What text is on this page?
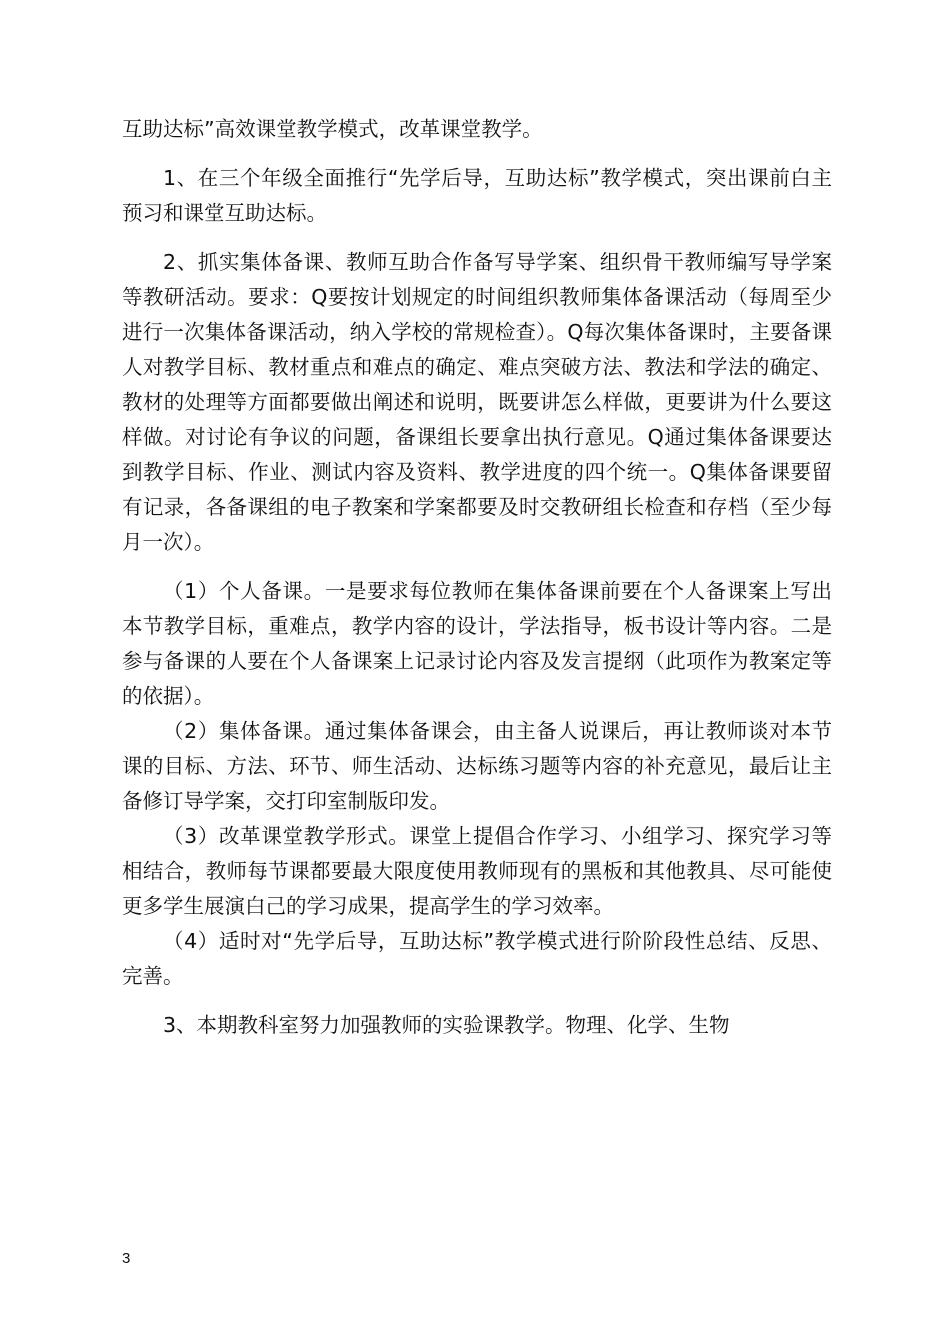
互助达标”高效课堂教学模式，改革课堂教学。

1、在三个年级全面推行“先学后导，互助达标”教学模式，突出课前白主预习和课堂互助达标。

2、抓实集体备课、教师互助合作备写导学案、组织骨干教师编写导学案等教研活动。要求：Q要按计划规定的时间组织教师集体备课活动（每周至少进行一次集体备课活动，纳入学校的常规检查）。Q每次集体备课时，主要备课人对教学目标、教材重点和难点的确定、难点突破方法、教法和学法的确定、教材的处理等方面都要做出阐述和说明，既要讲怎么样做，更要讲为什么要这样做。对讨论有争议的问题，备课组长要拿出执行意见。Q通过集体备课要达到教学目标、作业、测试内容及资料、教学进度的四个统一。Q集体备课要留有记录，各备课组的电子教案和学案都要及时交教研组长检查和存档（至少每月一次）。

（1）个人备课。一是要求每位教师在集体备课前要在个人备课案上写出本节教学目标，重难点，教学内容的设计，学法指导，板书设计等内容。二是参与备课的人要在个人备课案上记录讨论内容及发言提纲（此项作为教案定等的依据）。

（2）集体备课。通过集体备课会，由主备人说课后，再让教师谈对本节课的目标、方法、环节、师生活动、达标练习题等内容的补充意见，最后让主备修订导学案，交打印室制版印发。

（3）改革课堂教学形式。课堂上提倡合作学习、小组学习、探究学习等相结合，教师每节课都要最大限度使用教师现有的黑板和其他教具、尽可能使更多学生展演白己的学习成果，提高学生的学习效率。

（4）适时对“先学后导，互助达标”教学模式进行阶阶段性总结、反思、完善。

3、本期教科室努力加强教师的实验课教学。物理、化学、生物

3
